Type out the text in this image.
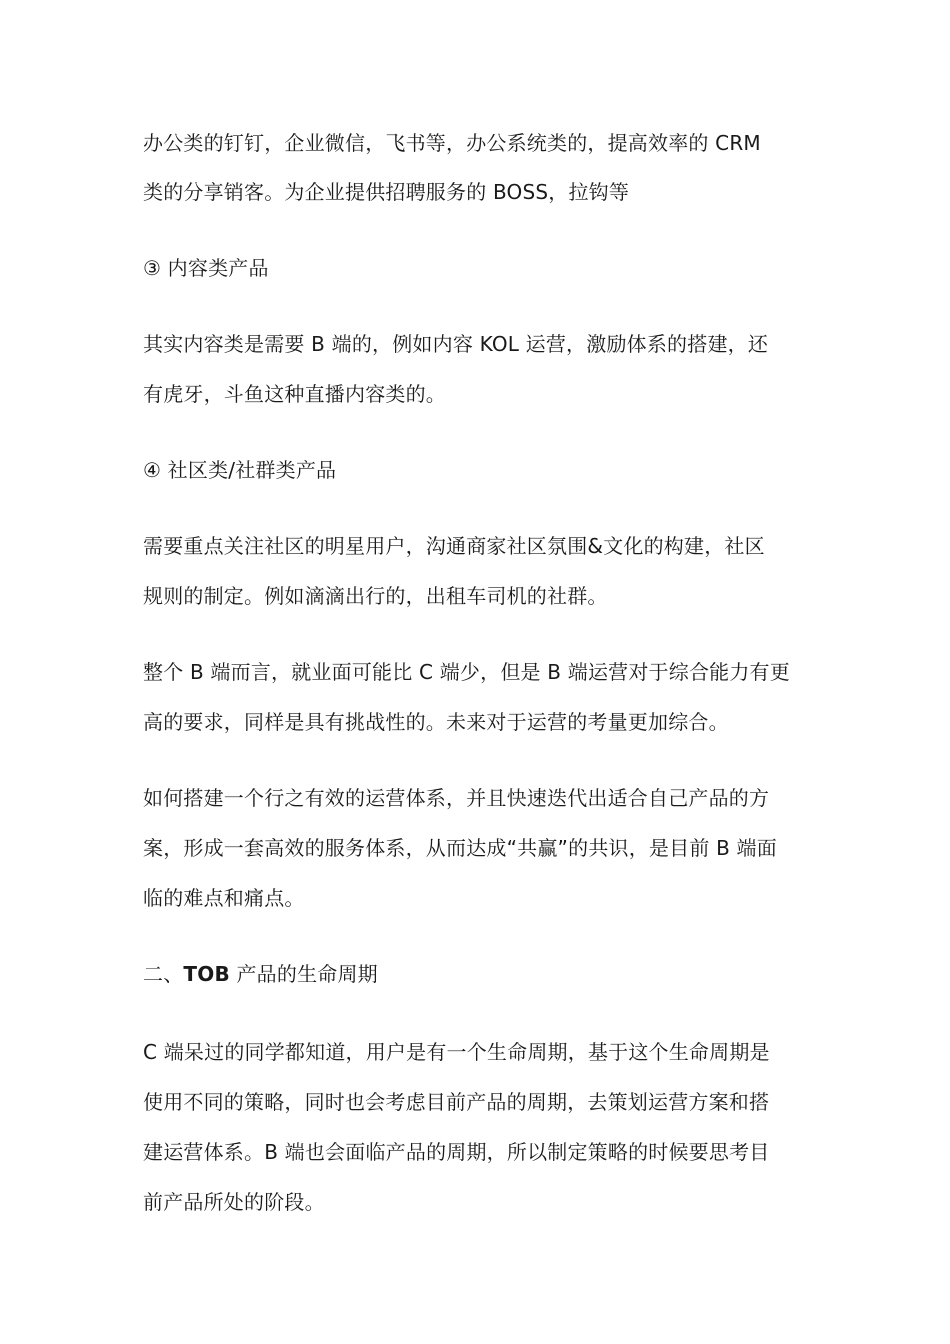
办公类的钉钉，企业微信，飞书等，办公系统类的，提高效率的 CRM
类的分享销客。为企业提供招聘服务的 BOSS，拉钩等
③ 内容类产品
其实内容类是需要 B 端的，例如内容 KOL 运营，激励体系的搭建，还
有虎牙，斗鱼这种直播内容类的。
④ 社区类/社群类产品
需要重点关注社区的明星用户，沟通商家社区氛围&文化的构建，社区
规则的制定。例如滴滴出行的，出租车司机的社群。
整个 B 端而言，就业面可能比 C 端少，但是 B 端运营对于综合能力有更
高的要求，同样是具有挑战性的。未来对于运营的考量更加综合。
如何搭建一个行之有效的运营体系，并且快速迭代出适合自己产品的方
案，形成一套高效的服务体系，从而达成“共赢”的共识，是目前 B 端面
临的难点和痛点。
二、TOB 产品的生命周期
C 端呆过的同学都知道，用户是有一个生命周期，基于这个生命周期是
使用不同的策略，同时也会考虑目前产品的周期，去策划运营方案和搭
建运营体系。B 端也会面临产品的周期，所以制定策略的时候要思考目
前产品所处的阶段。
